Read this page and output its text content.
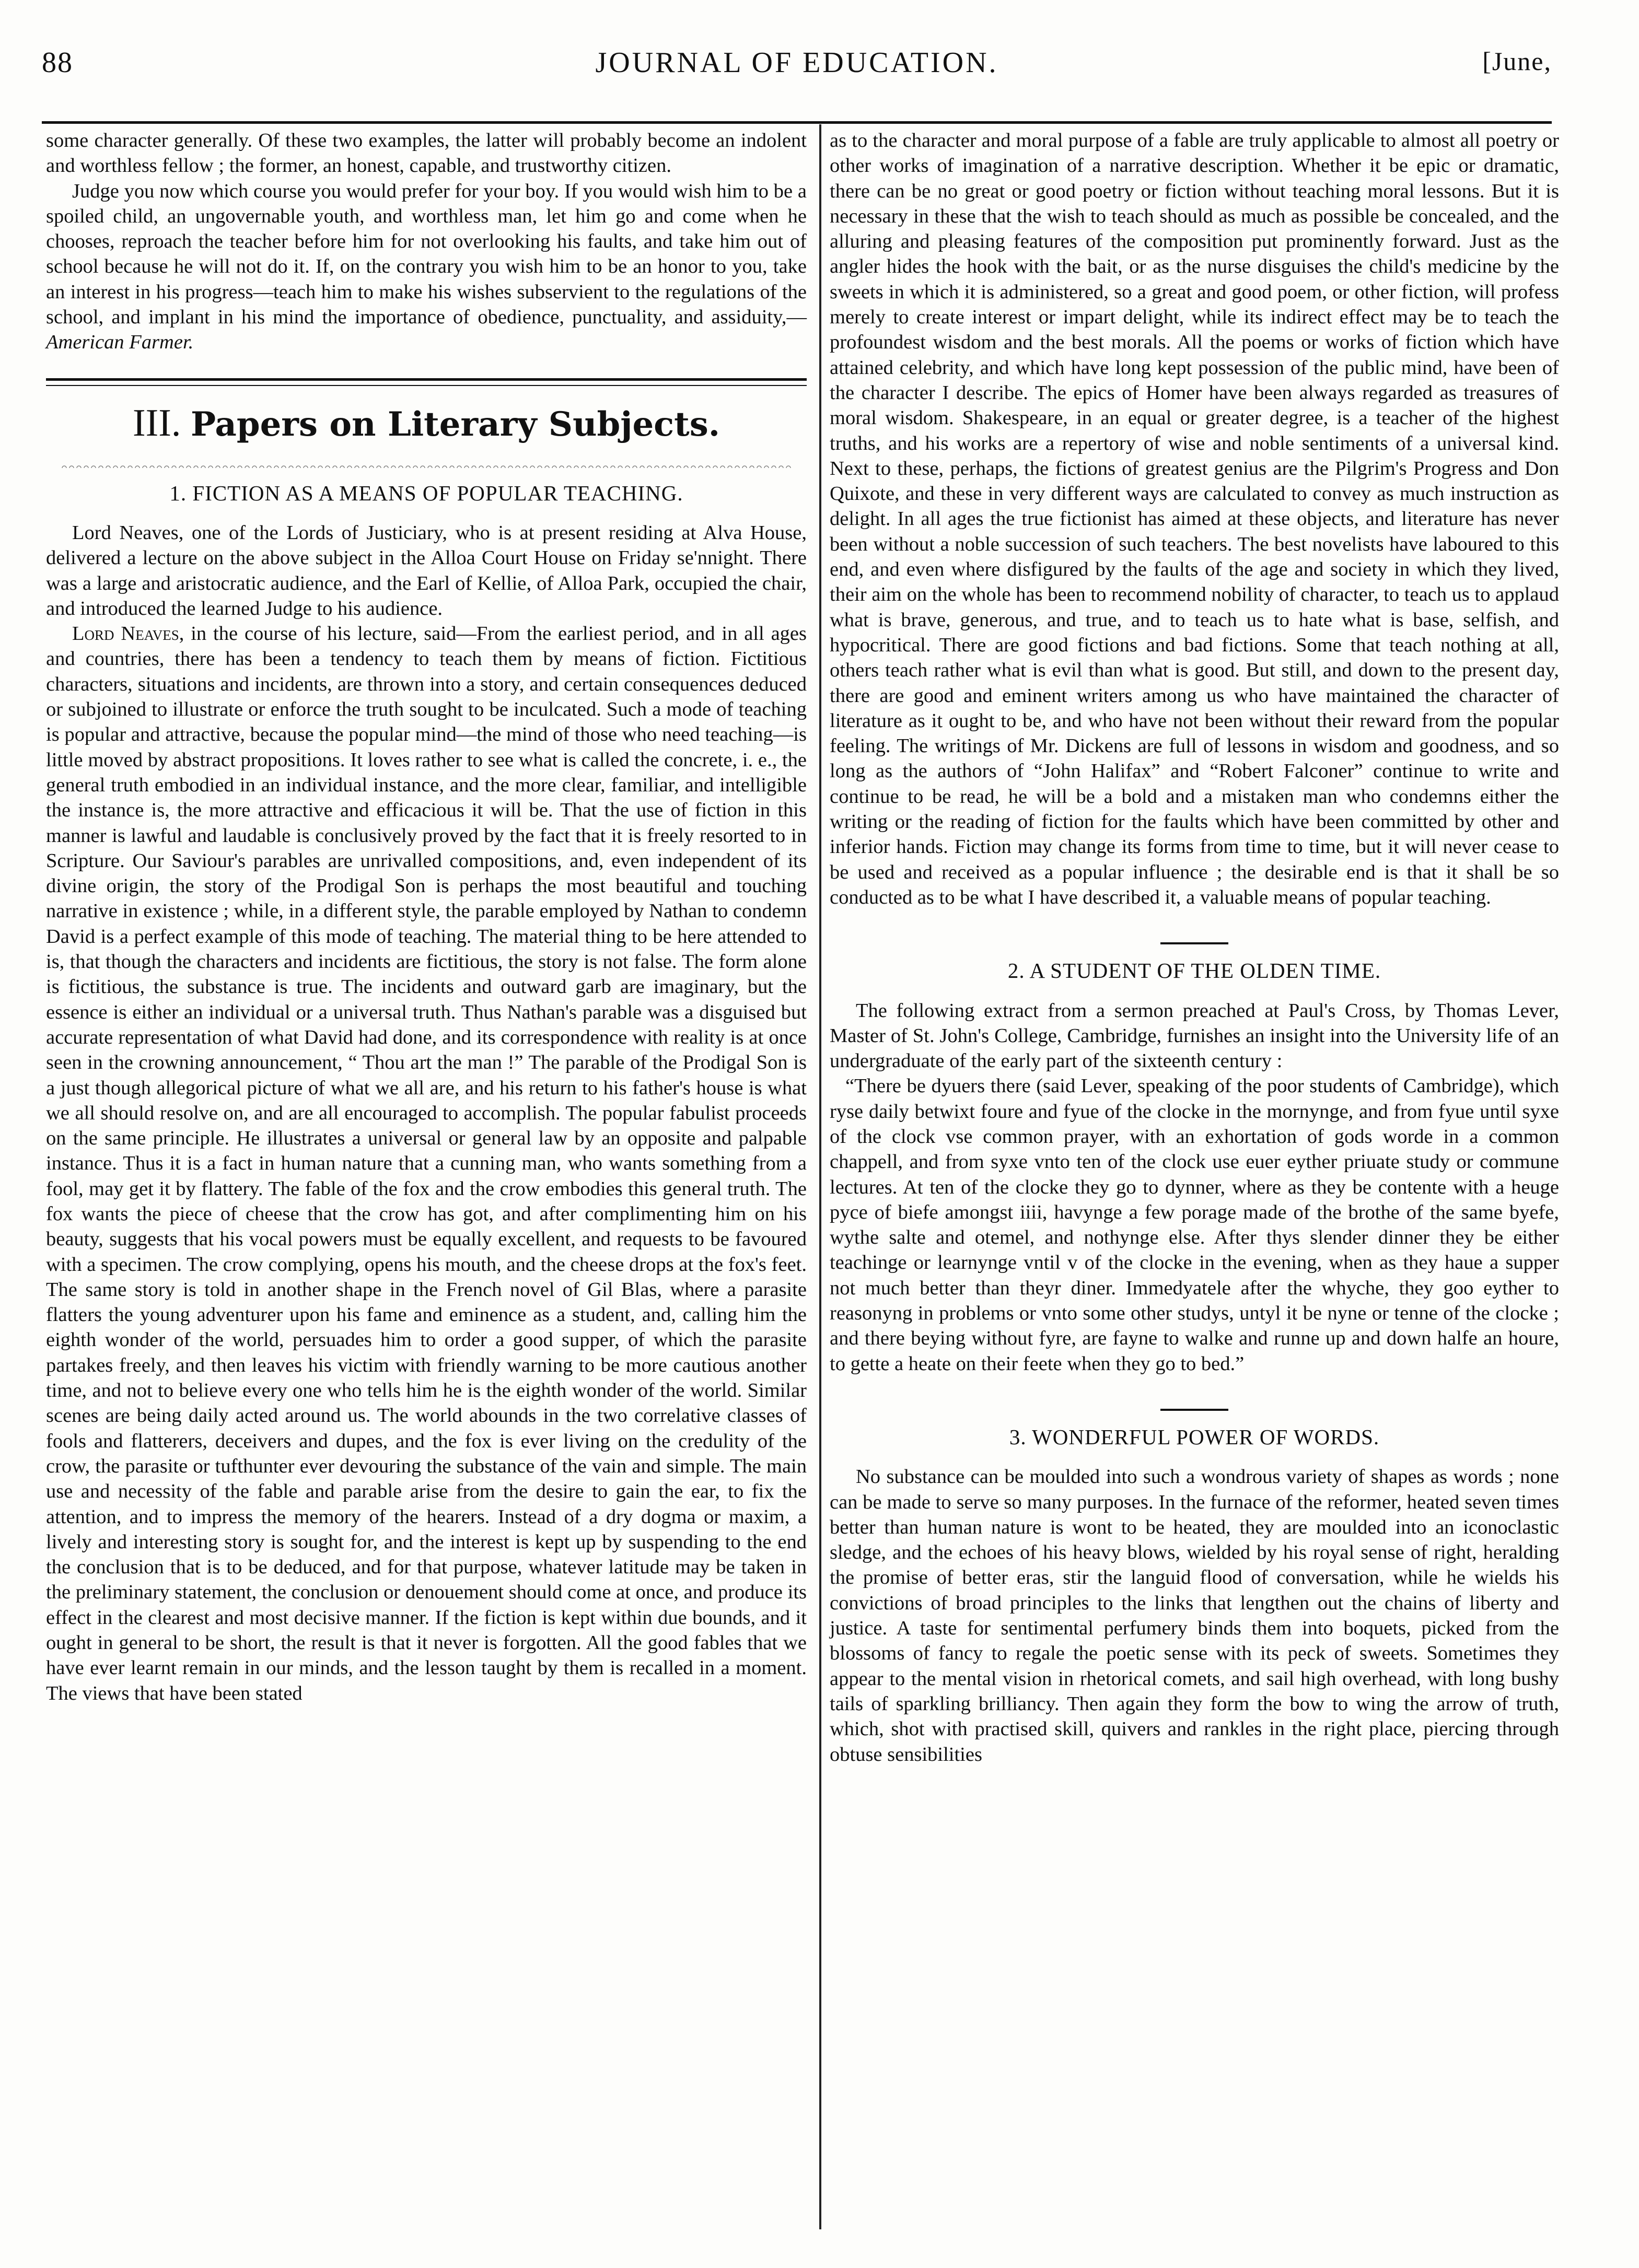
88	JOURNAL OF EDUCATION.	[June,

some character generally. Of these two examples, the latter will probably become an indolent and worthless fellow ; the former, an honest, capable, and trustworthy citizen.

Judge you now which course you would prefer for your boy. If you would wish him to be a spoiled child, an ungovernable youth, and worthless man, let him go and come when he chooses, reproach the teacher before him for not overlooking his faults, and take him out of school because he will not do it. If, on the contrary you wish him to be an honor to you, take an interest in his progress—teach him to make his wishes subservient to the regulations of the school, and implant in his mind the importance of obedience, punctuality, and assiduity,—American Farmer.

III. Papers on Literary Subjects.
1. FICTION AS A MEANS OF POPULAR TEACHING.

Lord Neaves, one of the Lords of Justiciary, who is at present residing at Alva House, delivered a lecture on the above subject in the Alloa Court House on Friday se'nnight. There was a large and aristocratic audience, and the Earl of Kellie, of Alloa Park, occupied the chair, and introduced the learned Judge to his audience.

Lord Neaves, in the course of his lecture, said—From the earliest period, and in all ages and countries, there has been a tendency to teach them by means of fiction. Fictitious characters, situations and incidents, are thrown into a story, and certain consequences deduced or subjoined to illustrate or enforce the truth sought to be inculcated. Such a mode of teaching is popular and attractive, because the popular mind—the mind of those who need teaching—is little moved by abstract propositions. It loves rather to see what is called the concrete, i. e., the general truth embodied in an individual instance, and the more clear, familiar, and intelligible the instance is, the more attractive and efficacious it will be. That the use of fiction in this manner is lawful and laudable is conclusively proved by the fact that it is freely resorted to in Scripture. Our Saviour's parables are unrivalled compositions, and, even independent of its divine origin, the story of the Prodigal Son is perhaps the most beautiful and touching narrative in existence ; while, in a different style, the parable employed by Nathan to condemn David is a perfect example of this mode of teaching. The material thing to be here attended to is, that though the characters and incidents are fictitious, the story is not false. The form alone is fictitious, the substance is true. The incidents and outward garb are imaginary, but the essence is either an individual or a universal truth. Thus Nathan's parable was a disguised but accurate representation of what David had done, and its correspondence with reality is at once seen in the crowning announcement, “ Thou art the man !” The parable of the Prodigal Son is a just though allegorical picture of what we all are, and his return to his father's house is what we all should resolve on, and are all encouraged to accomplish. The popular fabulist proceeds on the same principle. He illustrates a universal or general law by an opposite and palpable instance. Thus it is a fact in human nature that a cunning man, who wants something from a fool, may get it by flattery. The fable of the fox and the crow embodies this general truth. The fox wants the piece of cheese that the crow has got, and after complimenting him on his beauty, suggests that his vocal powers must be equally excellent, and requests to be favoured with a specimen. The crow complying, opens his mouth, and the cheese drops at the fox's feet. The same story is told in another shape in the French novel of Gil Blas, where a parasite flatters the young adventurer upon his fame and eminence as a student, and, calling him the eighth wonder of the world, persuades him to order a good supper, of which the parasite partakes freely, and then leaves his victim with friendly warning to be more cautious another time, and not to believe every one who tells him he is the eighth wonder of the world. Similar scenes are being daily acted around us. The world abounds in the two correlative classes of fools and flatterers, deceivers and dupes, and the fox is ever living on the credulity of the crow, the parasite or tufthunter ever devouring the substance of the vain and simple. The main use and necessity of the fable and parable arise from the desire to gain the ear, to fix the attention, and to impress the memory of the hearers. Instead of a dry dogma or maxim, a lively and interesting story is sought for, and the interest is kept up by suspending to the end the conclusion that is to be deduced, and for that purpose, whatever latitude may be taken in the preliminary statement, the conclusion or denouement should come at once, and produce its effect in the clearest and most decisive manner. If the fiction is kept within due bounds, and it ought in general to be short, the result is that it never is forgotten. All the good fables that we have ever learnt remain in our minds, and the lesson taught by them is recalled in a moment. The views that have been stated

as to the character and moral purpose of a fable are truly applicable to almost all poetry or other works of imagination of a narrative description. Whether it be epic or dramatic, there can be no great or good poetry or fiction without teaching moral lessons. But it is necessary in these that the wish to teach should as much as possible be concealed, and the alluring and pleasing features of the composition put prominently forward. Just as the angler hides the hook with the bait, or as the nurse disguises the child's medicine by the sweets in which it is administered, so a great and good poem, or other fiction, will profess merely to create interest or impart delight, while its indirect effect may be to teach the profoundest wisdom and the best morals. All the poems or works of fiction which have attained celebrity, and which have long kept possession of the public mind, have been of the character I describe. The epics of Homer have been always regarded as treasures of moral wisdom. Shakespeare, in an equal or greater degree, is a teacher of the highest truths, and his works are a repertory of wise and noble sentiments of a universal kind. Next to these, perhaps, the fictions of greatest genius are the Pilgrim's Progress and Don Quixote, and these in very different ways are calculated to convey as much instruction as delight. In all ages the true fictionist has aimed at these objects, and literature has never been without a noble succession of such teachers. The best novelists have laboured to this end, and even where disfigured by the faults of the age and society in which they lived, their aim on the whole has been to recommend nobility of character, to teach us to applaud what is brave, generous, and true, and to teach us to hate what is base, selfish, and hypocritical. There are good fictions and bad fictions. Some that teach nothing at all, others teach rather what is evil than what is good. But still, and down to the present day, there are good and eminent writers among us who have maintained the character of literature as it ought to be, and who have not been without their reward from the popular feeling. The writings of Mr. Dickens are full of lessons in wisdom and goodness, and so long as the authors of “John Halifax” and “Robert Falconer” continue to write and continue to be read, he will be a bold and a mistaken man who condemns either the writing or the reading of fiction for the faults which have been committed by other and inferior hands. Fiction may change its forms from time to time, but it will never cease to be used and received as a popular influence ; the desirable end is that it shall be so conducted as to be what I have described it, a valuable means of popular teaching.

2. A STUDENT OF THE OLDEN TIME.

The following extract from a sermon preached at Paul's Cross, by Thomas Lever, Master of St. John's College, Cambridge, furnishes an insight into the University life of an undergraduate of the early part of the sixteenth century :

“There be dyuers there (said Lever, speaking of the poor students of Cambridge), which ryse daily betwixt foure and fyue of the clocke in the mornynge, and from fyue until syxe of the clock vse common prayer, with an exhortation of gods worde in a common chappell, and from syxe vnto ten of the clock use euer eyther priuate study or commune lectures. At ten of the clocke they go to dynner, where as they be contente with a heuge pyce of biefe amongst iiii, havynge a few porage made of the brothe of the same byefe, wythe salte and otemel, and nothynge else. After thys slender dinner they be either teachinge or learnynge vntil v of the clocke in the evening, when as they haue a supper not much better than theyr diner. Immedyatele after the whyche, they goo eyther to reasonyng in problems or vnto some other studys, untyl it be nyne or tenne of the clocke ; and there beying without fyre, are fayne to walke and runne up and down halfe an houre, to gette a heate on their feete when they go to bed.”

3. WONDERFUL POWER OF WORDS.

No substance can be moulded into such a wondrous variety of shapes as words ; none can be made to serve so many purposes. In the furnace of the reformer, heated seven times better than human nature is wont to be heated, they are moulded into an iconoclastic sledge, and the echoes of his heavy blows, wielded by his royal sense of right, heralding the promise of better eras, stir the languid flood of conversation, while he wields his convictions of broad principles to the links that lengthen out the chains of liberty and justice. A taste for sentimental perfumery binds them into boquets, picked from the blossoms of fancy to regale the poetic sense with its peck of sweets. Sometimes they appear to the mental vision in rhetorical comets, and sail high overhead, with long bushy tails of sparkling brilliancy. Then again they form the bow to wing the arrow of truth, which, shot with practised skill, quivers and rankles in the right place, piercing through obtuse sensibilities
